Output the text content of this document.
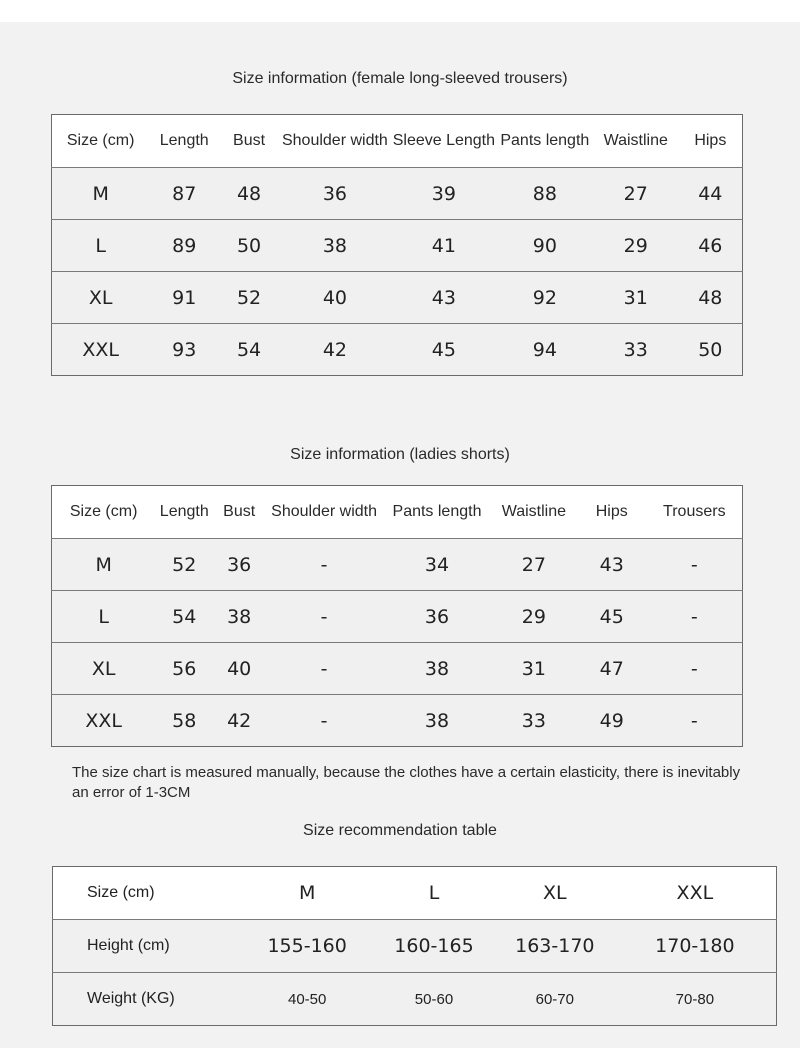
Size information (female long-sleeved trousers)
Size (cm)	Length	Bust	Shoulder width	Sleeve Length	Pants length	Waistline	Hips
M	87	48	36	39	88	27	44
L	89	50	38	41	90	29	46
XL	91	52	40	43	92	31	48
XXL	93	54	42	45	94	33	50
Size information (ladies shorts)
Size (cm)	Length	Bust	Shoulder width	Pants length	Waistline	Hips	Trousers
M	52	36	-	34	27	43	-
L	54	38	-	36	29	45	-
XL	56	40	-	38	31	47	-
XXL	58	42	-	38	33	49	-
The size chart is measured manually, because the clothes have a certain elasticity, there is inevitably an error of 1-3CM
Size recommendation table
Size (cm)	M	L	XL	XXL
Height (cm)	155-160	160-165	163-170	170-180
Weight (KG)	40-50	50-60	60-70	70-80
